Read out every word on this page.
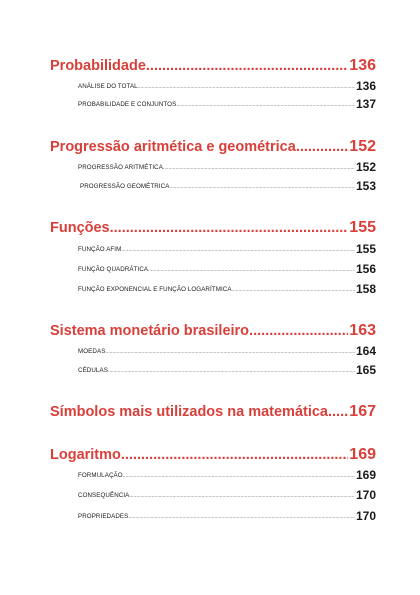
Probabilidade .....	136
ANÁLISE DO TOTAL .....	136
PROBABILIDADE E CONJUNTOS .....	137
Progressão aritmética e geométrica .....	152
PROGRESSÃO ARITMÉTICA .....	152
PROGRESSÃO GEOMÉTRICA .....	153
Funções .....	155
FUNÇÃO AFIM .....	155
FUNÇÃO QUADRÁTICA .....	156
FUNÇÃO EXPONENCIAL E FUNÇÃO LOGARÍTMICA .....	158
Sistema monetário brasileiro .....	163
MOEDAS .....	164
CÉDULAS .....	165
Símbolos mais utilizados na matemática ..... 167
Logaritmo .....	169
FORMULAÇÃO .....	169
CONSEQUÊNCIA .....	170
PROPRIEDADES .....	170
